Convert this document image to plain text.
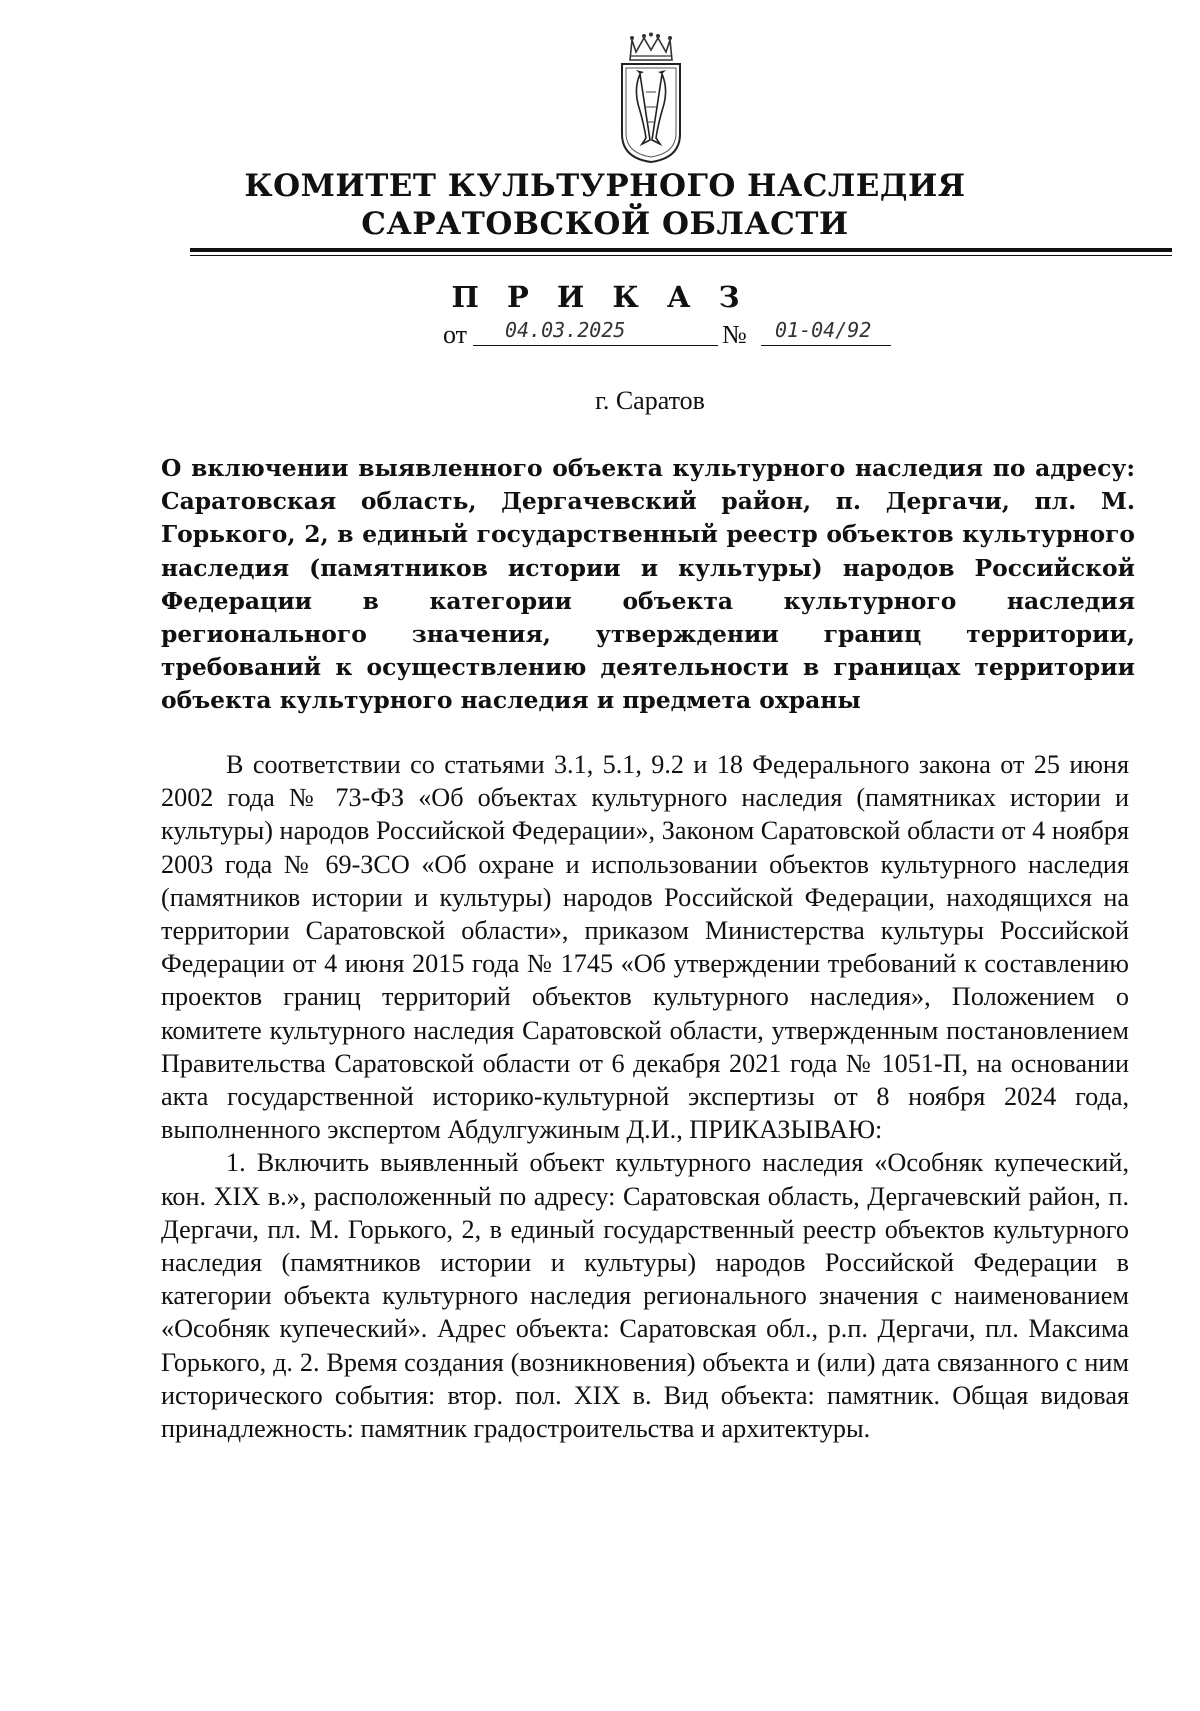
КОМИТЕТ КУЛЬТУРНОГО НАСЛЕДИЯ
САРАТОВСКОЙ ОБЛАСТИ
П Р И К А З
от	04.03.2025	№	01-04/92
г. Саратов
О включении выявленного объекта культурного наследия по адресу: Саратовская область, Дергачевский район, п. Дергачи, пл. М. Горького, 2, в единый государственный реестр объектов культурного наследия (памятников истории и культуры) народов Российской Федерации в категории объекта культурного наследия регионального значения, утверждении границ территории, требований к осуществлению деятельности в границах территории объекта культурного наследия и предмета охраны

В соответствии со статьями 3.1, 5.1, 9.2 и 18 Федерального закона от 25 июня 2002 года № 73-ФЗ «Об объектах культурного наследия (памятниках истории и культуры) народов Российской Федерации», Законом Саратовской области от 4 ноября 2003 года № 69-ЗСО «Об охране и использовании объектов культурного наследия (памятников истории и культуры) народов Российской Федерации, находящихся на территории Саратовской области», приказом Министерства культуры Российской Федерации от 4 июня 2015 года № 1745 «Об утверждении требований к составлению проектов границ территорий объектов культурного наследия», Положением о комитете культурного наследия Саратовской области, утвержденным постановлением Правительства Саратовской области от 6 декабря 2021 года № 1051-П, на основании акта государственной историко-культурной экспертизы от 8 ноября 2024 года, выполненного экспертом Абдулгужиным Д.И., ПРИКАЗЫВАЮ:

1. Включить выявленный объект культурного наследия «Особняк купеческий, кон. XIX в.», расположенный по адресу: Саратовская область, Дергачевский район, п. Дергачи, пл. М. Горького, 2, в единый государственный реестр объектов культурного наследия (памятников истории и культуры) народов Российской Федерации в категории объекта культурного наследия регионального значения с наименованием «Особняк купеческий». Адрес объекта: Саратовская обл., р.п. Дергачи, пл. Максима Горького, д. 2. Время создания (возникновения) объекта и (или) дата связанного с ним исторического события: втор. пол. XIX в. Вид объекта: памятник. Общая видовая принадлежность: памятник градостроительства и архитектуры.
